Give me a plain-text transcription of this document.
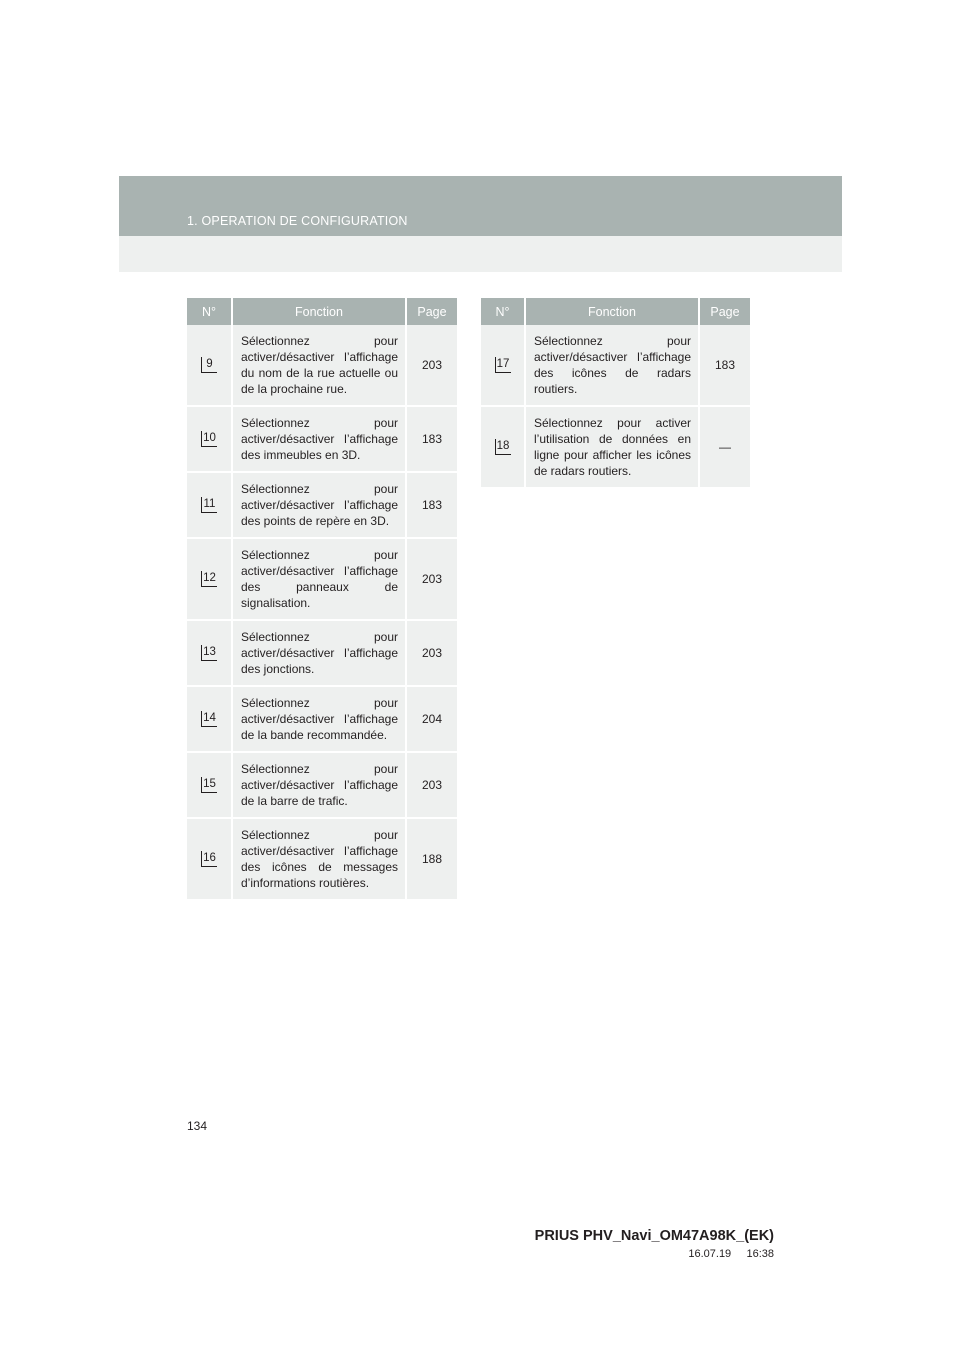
1. OPERATION DE CONFIGURATION
N°	Fonction	Page
9	Sélectionnez pour activer/désactiver l’affichage du nom de la rue actuelle ou de la prochaine rue.	203
10	Sélectionnez pour activer/désactiver l’affichage des immeubles en 3D.	183
11	Sélectionnez pour activer/désactiver l’affichage des points de repère en 3D.	183
12	Sélectionnez pour activer/désactiver l’affichage des panneaux de signalisation.	203
13	Sélectionnez pour activer/désactiver l’affichage des jonctions.	203
14	Sélectionnez pour activer/désactiver l’affichage de la bande recommandée.	204
15	Sélectionnez pour activer/désactiver l’affichage de la barre de trafic.	203
16	Sélectionnez pour activer/désactiver l’affichage des icônes de messages d’informations routières.	188
N°	Fonction	Page
17	Sélectionnez pour activer/désactiver l’affichage des icônes de radars routiers.	183
18	Sélectionnez pour activer l’utilisation de données en ligne pour afficher les icônes de radars routiers.	—
134
PRIUS PHV_Navi_OM47A98K_(EK)
16.07.19     16:38
